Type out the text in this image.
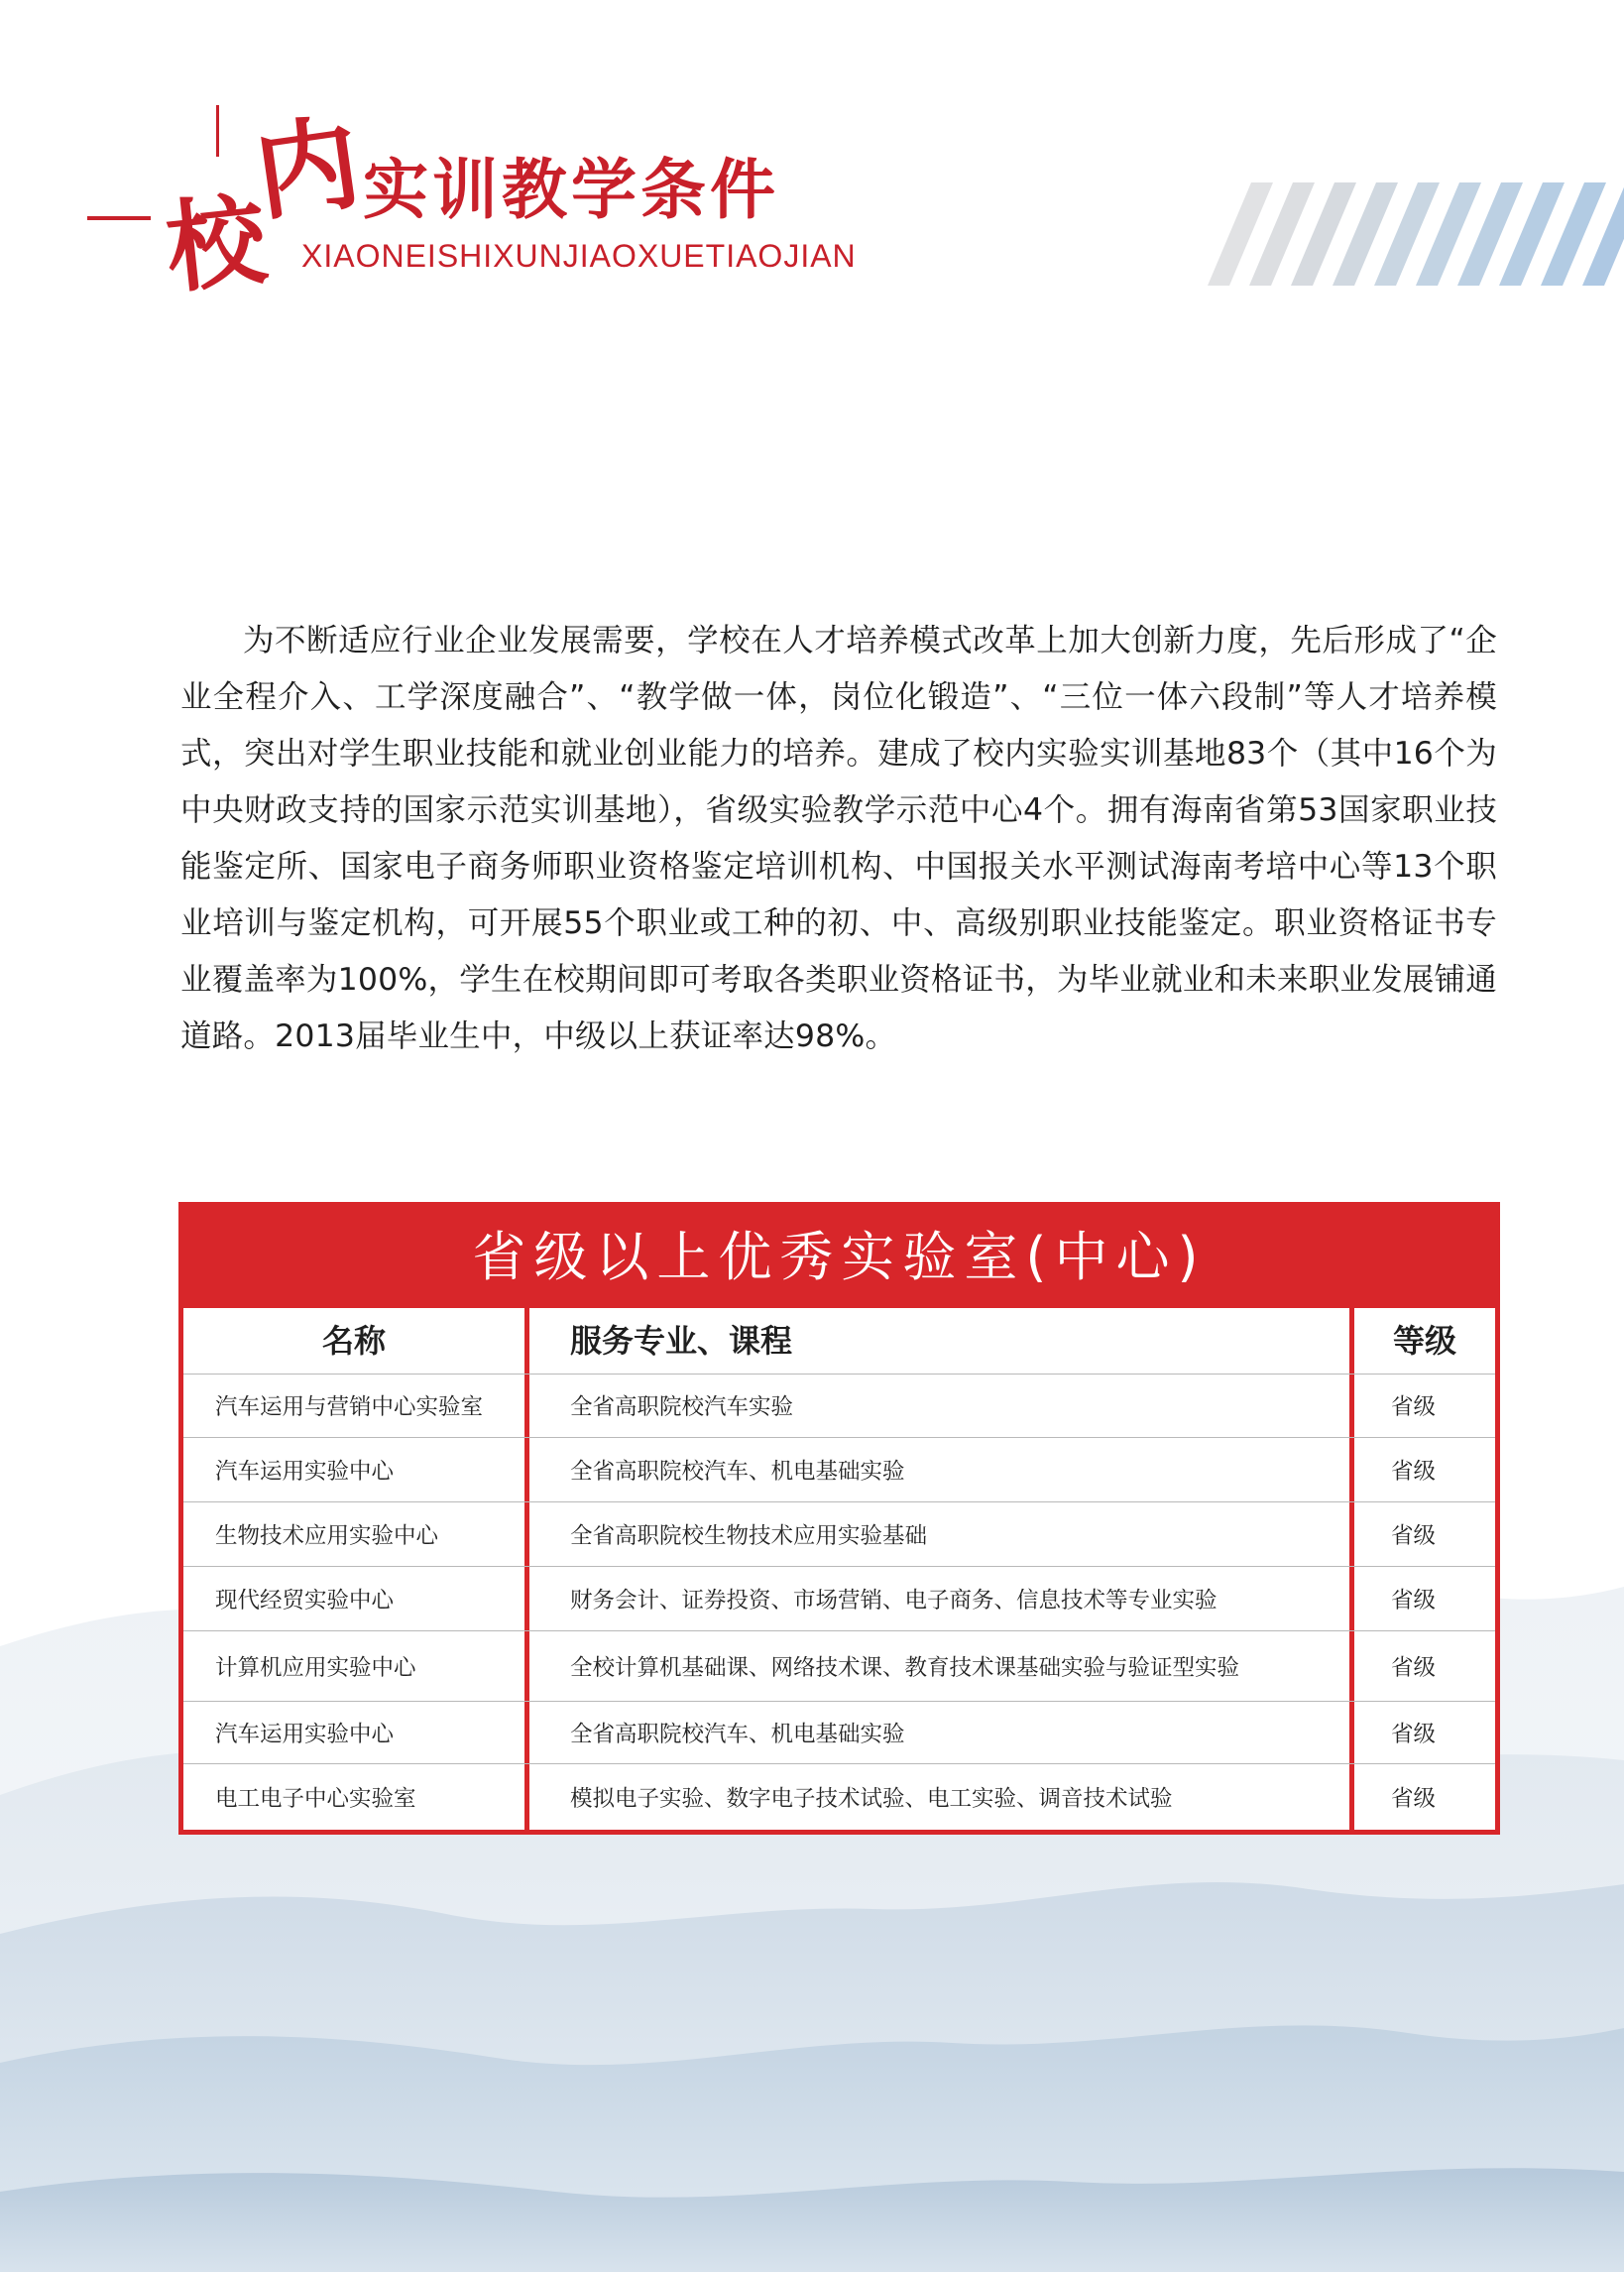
内
校 实训教学条件
XIAONEISHIXUNJIAOXUETIAOJIAN

为不断适应行业企业发展需要，学校在人才培养模式改革上加大创新力度，先后形成了“企业全程介入、工学深度融合”、“教学做一体，岗位化锻造”、“三位一体六段制”等人才培养模式，突出对学生职业技能和就业创业能力的培养。建成了校内实验实训基地83个（其中16个为中央财政支持的国家示范实训基地），省级实验教学示范中心4个。拥有海南省第53国家职业技能鉴定所、国家电子商务师职业资格鉴定培训机构、中国报关水平测试海南考培中心等13个职业培训与鉴定机构，可开展55个职业或工种的初、中、高级别职业技能鉴定。职业资格证书专业覆盖率为100%，学生在校期间即可考取各类职业资格证书，为毕业就业和未来职业发展铺通道路。2013届毕业生中，中级以上获证率达98%。

省级以上优秀实验室(中心)
名称	服务专业、课程	等级
汽车运用与营销中心实验室	全省高职院校汽车实验	省级
汽车运用实验中心	全省高职院校汽车、机电基础实验	省级
生物技术应用实验中心	全省高职院校生物技术应用实验基础	省级
现代经贸实验中心	财务会计、证券投资、市场营销、电子商务、信息技术等专业实验	省级
计算机应用实验中心	全校计算机基础课、网络技术课、教育技术课基础实验与验证型实验	省级
汽车运用实验中心	全省高职院校汽车、机电基础实验	省级
电工电子中心实验室	模拟电子实验、数字电子技术试验、电工实验、调音技术试验	省级
